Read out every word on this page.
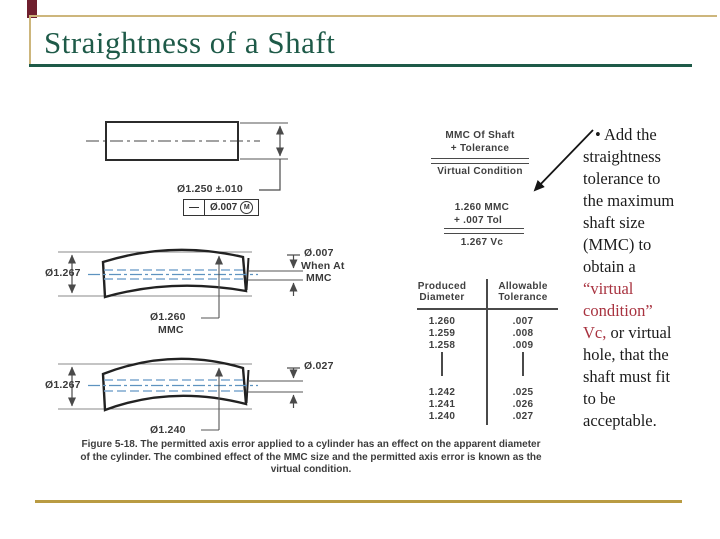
Straightness of a Shaft
Ø1.250 ±.010
—	Ø.007 M
Ø1.267
Ø.007
When At
MMC
Ø1.260
MMC
Ø1.267
Ø.027
Ø1.240
MMC Of Shaft
+ Tolerance
Virtual Condition
1.260 MMC
+ .007 Tol
1.267 Vc
Produced
Diameter
Allowable
Tolerance
1.260	.007
1.259	.008
1.258	.009
1.242	.025
1.241	.026
1.240	.027
• Add the
straightness
tolerance to
the maximum
shaft size
(MMC) to
obtain a
“virtual
condition”
Vc, or virtual
hole, that the
shaft must fit
to be
acceptable.
Figure 5-18. The permitted axis error applied to a cylinder has an effect on the apparent diameter
of the cylinder. The combined effect of the MMC size and the permitted axis error is known as the
virtual condition.
